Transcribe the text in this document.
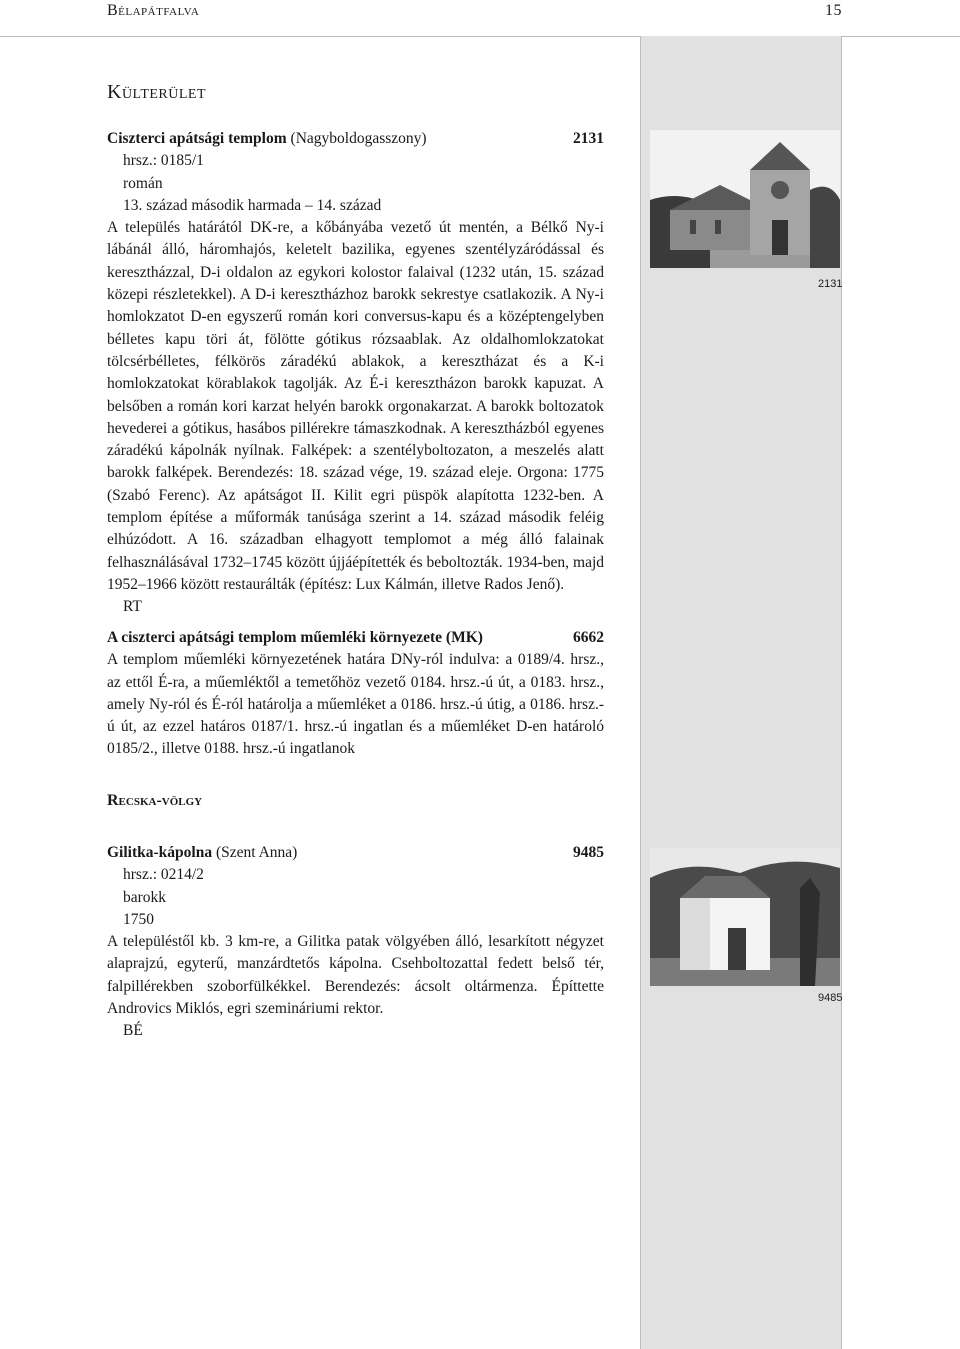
Bélapátfalva	15
2131
9485
Külterület
Ciszterci apátsági templom (Nagyboldogasszony)	2131
hrsz.: 0185/1
román
13. század második harmada – 14. század
A település határától DK-re, a kőbányába vezető út mentén, a Bélkő Ny-i lábánál álló, háromhajós, keletelt bazilika, egyenes szentélyzáródással és keresztházzal, D-i oldalon az egykori kolostor falaival (1232 után, 15. század közepi részletekkel). A D-i keresztházhoz barokk sekrestye csatlakozik. A Ny-i homlokzatot D-en egyszerű román kori conversus-kapu és a középtengelyben bélletes kapu töri át, fölötte gótikus rózsaablak. Az oldalhomlokzatokat tölcsérbélletes, félkörös záradékú ablakok, a keresztházat és a K-i homlokzatokat körablakok tagolják. Az É-i keresztházon barokk kapuzat. A belsőben a román kori karzat helyén barokk orgonakarzat. A barokk boltozatok hevederei a gótikus, hasábos pillérekre támaszkodnak. A keresztházból egyenes záradékú kápolnák nyílnak. Falképek: a szentélyboltozaton, a meszelés alatt barokk falképek. Berendezés: 18. század vége, 19. század eleje. Orgona: 1775 (Szabó Ferenc). Az apátságot II. Kilit egri püspök alapította 1232-ben. A templom építése a műformák tanúsága szerint a 14. század második feléig elhúzódott. A 16. században elhagyott templomot a még álló falainak felhasználásával 1732–1745 között újjáépítették és beboltozták. 1934-ben, majd 1952–1966 között restaurálták (építész: Lux Kálmán, illetve Rados Jenő).
RT
A ciszterci apátsági templom műemléki környezete (MK)	6662
A templom műemléki környezetének határa DNy-ról indulva: a 0189/4. hrsz., az ettől É-ra, a műemléktől a temetőhöz vezető 0184. hrsz.-ú út, a 0183. hrsz., amely Ny-ról és É-ról határolja a műemléket a 0186. hrsz.-ú útig, a 0186. hrsz.-ú út, az ezzel határos 0187/1. hrsz.-ú ingatlan és a műemléket D-en határoló 0185/2., illetve 0188. hrsz.-ú ingatlanok
Recska-völgy
Gilitka-kápolna (Szent Anna)	9485
hrsz.: 0214/2
barokk
1750
A településtől kb. 3 km-re, a Gilitka patak völgyében álló, lesarkított négyzet alaprajzú, egyterű, manzárdtetős kápolna. Csehboltozattal fedett belső tér, falpillérekben szoborfülkékkel. Berendezés: ácsolt oltármenza. Építtette Androvics Miklós, egri szemináriumi rektor.
BÉ
